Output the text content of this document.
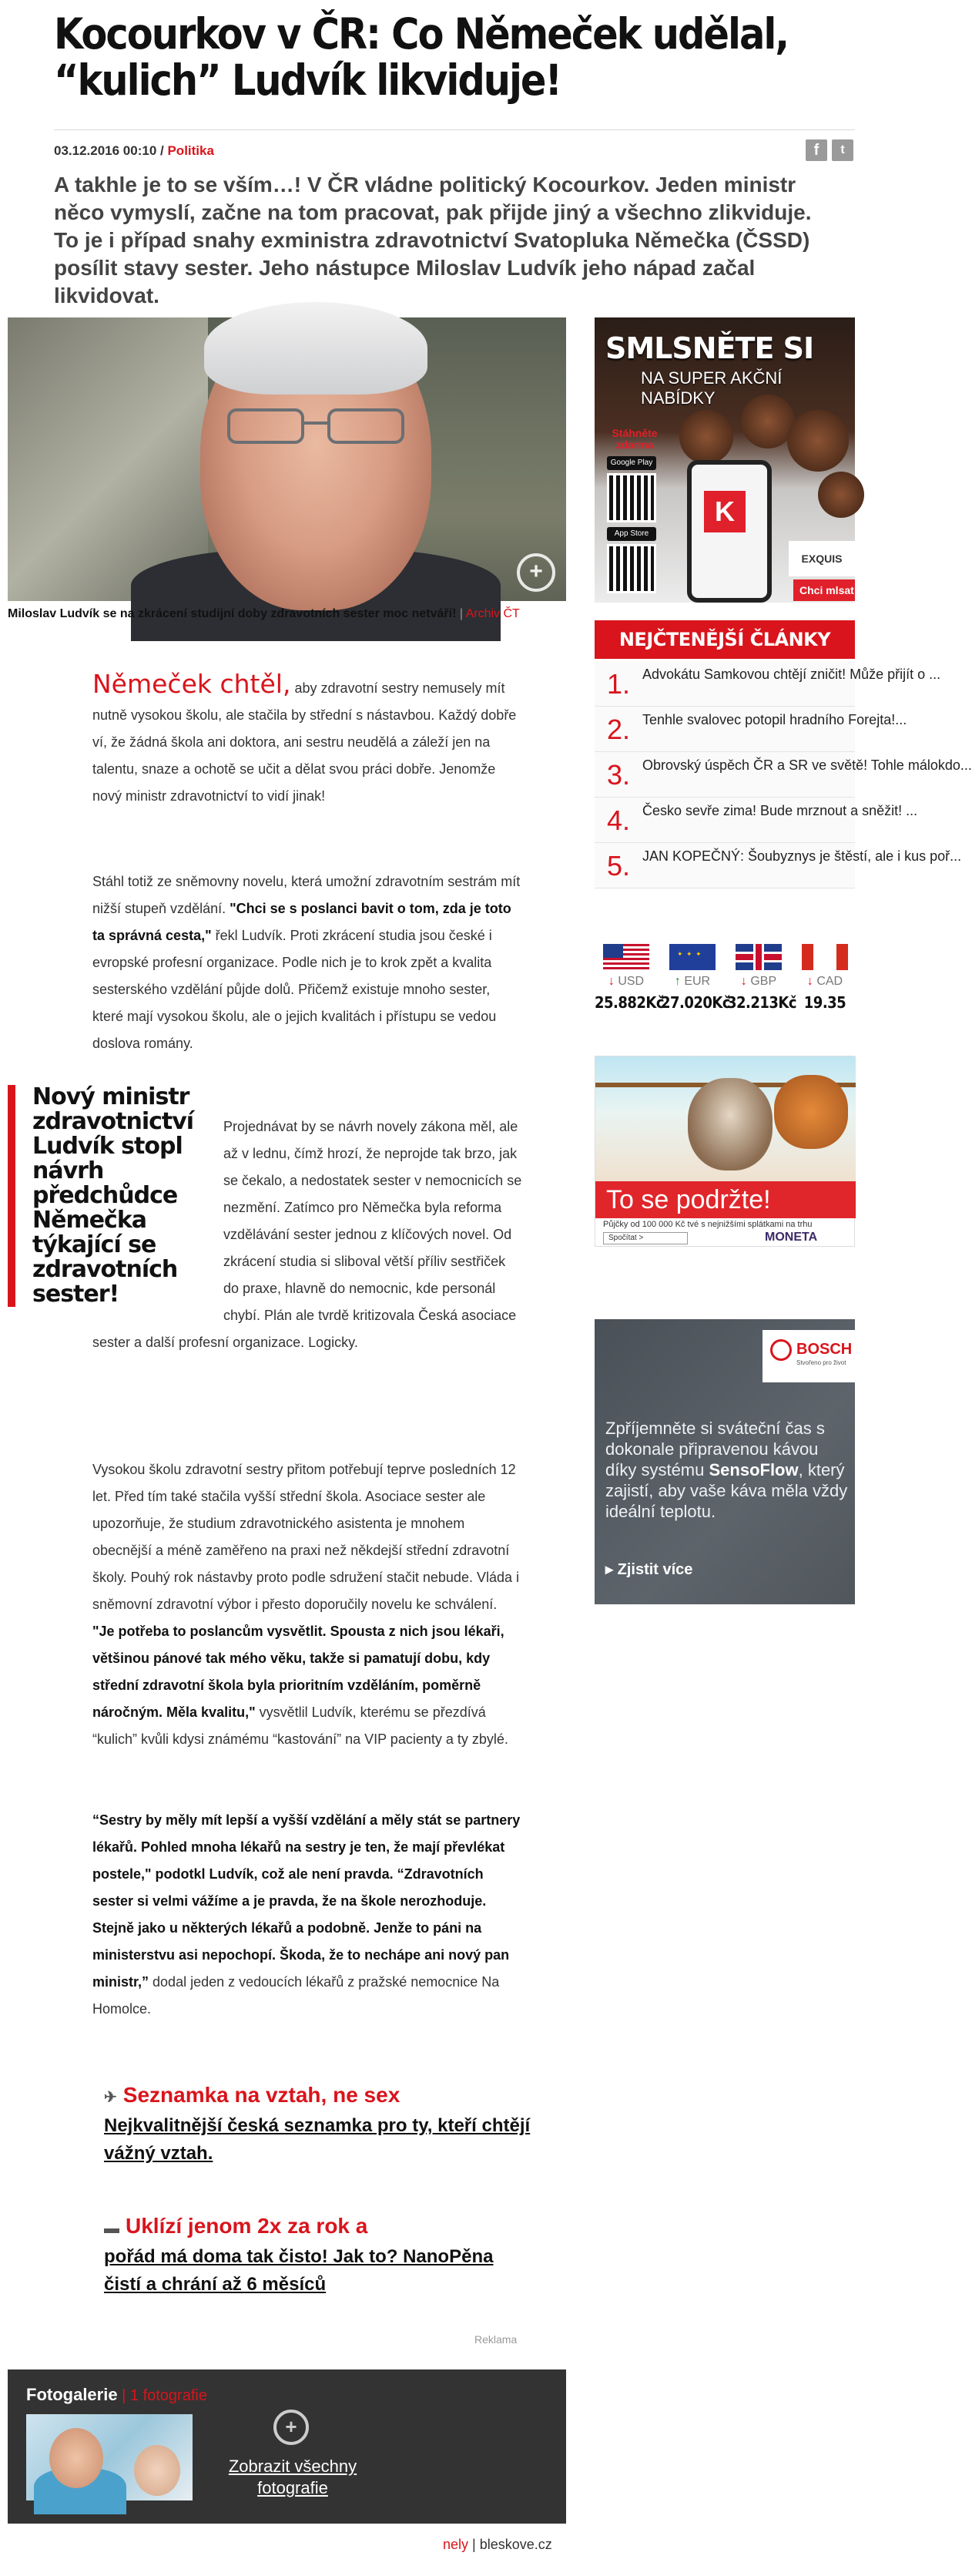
Kocourkov v ČR: Co Němeček udělal, “kulich” Ludvík likviduje!
03.12.2016 00:10 / Politika	f	t

A takhle je to se vším…! V ČR vládne politický Kocourkov. Jeden ministr něco vymyslí, začne na tom pracovat, pak přijde jiný a všechno zlikviduje. To je i případ snahy exministra zdravotnictví Svatopluka Němečka (ČSSD) posílit stavy sester. Jeho nástupce Miloslav Ludvík jeho nápad začal likvidovat.

+
Miloslav Ludvík se na zkrácení studijní doby zdravotních sester moc netváří! | Archiv ČT

Němeček chtěl, aby zdravotní sestry nemusely mít nutně vysokou školu, ale stačila by střední s nástavbou. Každý dobře ví, že žádná škola ani doktora, ani sestru neudělá a záleží jen na talentu, snaze a ochotě se učit a dělat svou práci dobře. Jenomže nový ministr zdravotnictví to vidí jinak!

Stáhl totiž ze sněmovny novelu, která umožní zdravotním sestrám mít nižší stupeň vzdělání. "Chci se s poslanci bavit o tom, zda je toto ta správná cesta," řekl Ludvík. Proti zkrácení studia jsou české i evropské profesní organizace. Podle nich je to krok zpět a kvalita sesterského vzdělání půjde dolů. Přičemž existuje mnoho sester, které mají vysokou školu, ale o jejich kvalitách i přístupu se vedou doslova romány.

Nový ministr zdravotnictví Ludvík stopl návrh předchůdce Němečka týkající se zdravotních sester!

Projednávat by se návrh novely zákona měl, ale až v lednu, čímž hrozí, že neprojde tak brzo, jak se čekalo, a nedostatek sester v nemocnicích se nezmění. Zatímco pro Němečka byla reforma vzdělávání sester jednou z klíčových novel. Od zkrácení studia si sliboval větší příliv sestřiček do praxe, hlavně do nemocnic, kde personál chybí. Plán ale tvrdě kritizovala Česká asociace sester a další profesní organizace. Logicky.

Vysokou školu zdravotní sestry přitom potřebují teprve posledních 12 let. Před tím také stačila vyšší střední škola. Asociace sester ale upozorňuje, že studium zdravotnického asistenta je mnohem obecnější a méně zaměřeno na praxi než někdejší střední zdravotní školy. Pouhý rok nástavby proto podle sdružení stačit nebude. Vláda i sněmovní zdravotní výbor i přesto doporučily novelu ke schválení.

"Je potřeba to poslancům vysvětlit. Spousta z nich jsou lékaři, většinou pánové tak mého věku, takže si pamatují dobu, kdy střední zdravotní škola byla prioritním vzděláním, poměrně náročným. Měla kvalitu," vysvětlil Ludvík, kterému se přezdívá “kulich” kvůli kdysi známému “kastování” na VIP pacienty a ty zbylé.

“Sestry by měly mít lepší a vyšší vzdělání a měly stát se partnery lékařů. Pohled mnoha lékařů na sestry je ten, že mají převlékat postele," podotkl Ludvík, což ale není pravda. “Zdravotních sester si velmi vážíme a je pravda, že na škole nerozhoduje. Stejně jako u některých lékařů a podobně. Jenže to páni na ministerstvu asi nepochopí. Škoda, že to nechápe ani nový pan ministr,” dodal jeden z vedoucích lékařů z pražské nemocnice Na Homolce.

✈ Seznamka na vztah, ne sex
Nejkvalitnější česká seznamka pro ty, kteří chtějí vážný vztah.
▬ Uklízí jenom 2x za rok a
pořád má doma tak čisto! Jak to? NanoPěna čistí a chrání až 6 měsíců
Reklama
Fotogalerie | 1 fotografie
+
Zobrazit všechny fotografie
nely | bleskove.cz
SMLSNĚTE SI
NA SUPER AKČNÍ NABÍDKY
Stáhněte zdarma
Google Play
App Store
K
EXQUIS
Chci mlsat
NEJČTENĚJŠÍ ČLÁNKY
1. Advokátu Samkovou chtějí zničit! Může přijít o ...
2. Tenhle svalovec potopil hradního Forejta!...
3. Obrovský úspěch ČR a SR ve světě! Tohle málokdo...
4. Česko sevře zima! Bude mrznout a sněžit! ...
5. JAN KOPEČNÝ: Šoubyznys je štěstí, ale i kus poř...
↓ USD
25.882Kč
✦ ✦ ✦
↑ EUR
27.020Kč
↓ GBP
32.213Kč
↓ CAD
19.35
To se podržte!
Půjčky od 100 000 Kč tvé s nejnižšími splátkami na trhu
Spočítat >	MONETA
BOSCH
Stvořeno pro život
Zpříjemněte si sváteční čas s dokonale připravenou kávou díky systému SensoFlow, který zajistí, aby vaše káva měla vždy ideální teplotu.
▸ Zjistit více
